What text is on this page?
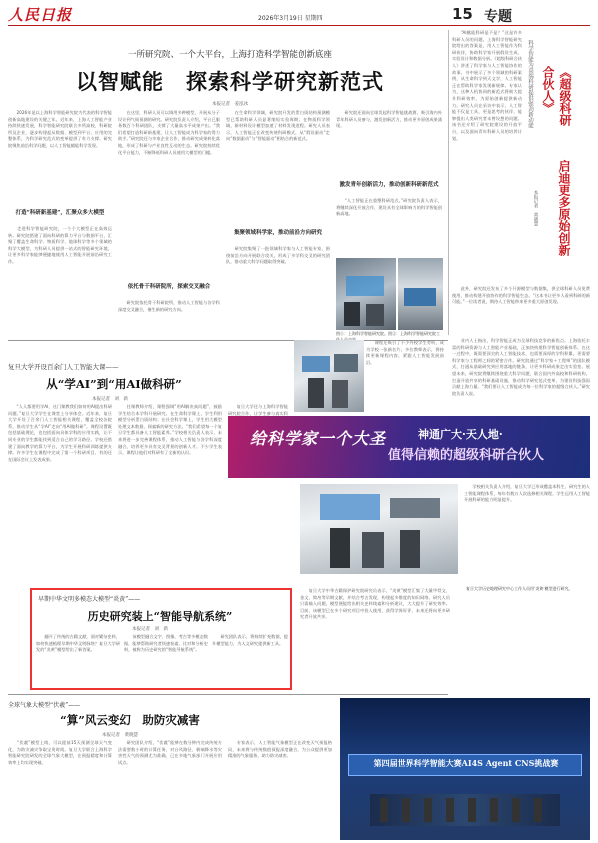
人民日报	2026年3月19日 星期四	15 专题
一所研究院、一个大平台，上海打造科学智能创新底座
以智赋能　探索科学研究新范式
本报记者　姜泓冰
　　2026年是以上海科学智能研究院为代表的科学智能创新高地建设的关键之年。近年来，上海人工智能产业持续快速发展，科学智能研究院联合多所高校、科研院所及企业，逐步构建起从数据、模型到平台、应用的完整体系，为科学研究范式的变革提供了有力支撑。研究院聚焦前沿科学问题，以人工智能赋能科学发现。
打造“科研新基建”，汇聚众多大模型
　　走进科学智能研究院，一个个大模型正在高效运转。研究院搭建了面向科研的算力平台与数据平台，汇聚了覆盖生命科学、物质科学、地球科学等多个领域的科学大模型，为科研人员提供一站式的智能研究环境，让更多科学家能够便捷地使用人工智能开展前沿研究工作。
　　在这里，科研人员可以调用多种模型，开展从分子设计到气候预测的研究。研究院负责人介绍，平台已服务数百个科研团队，支撑了大量高水平成果产出。“我们希望打造科研新基建，让人工智能成为科学家的得力助手。”研究院还与多家企业合作，推动研究成果转化落地，形成了科研与产业良性互动的生态。研究院持续优化平台能力，不断降低科研人员使用大模型的门槛。
依托骨干科研院所，探索交叉融合
　　研究院依托骨干科研院所，推动人工智能与各学科深度交叉融合，催生新的研究方向。
　　在生命科学领域，研究院开发的蛋白质结构预测模型已帮助科研人员显著缩短实验周期；在物质科学领域，新材料设计模型加速了材料发现进程。研究人员表示，人工智能正在改变传统科研模式，从“假设驱动”走向“数据驱动”与“智能驱动”相结合的新范式。
集聚领域科学家，推动前沿方向研究
　　研究院集聚了一批领域科学家与人工智能专家，围绕前沿方向开展联合攻关，形成了多学科交叉的研究团队，推动重大科学问题取得突破。
　　研究院还面向全球发起科学智能挑战赛，吸引海内外青年科研人员参与，激发创新活力，推动更多原创成果涌现。
激发青年创新活力，推动创新科研新范式
　　“人工智能正在重塑科研范式。”研究院负责人表示，将继续深化开放合作，建设具有全球影响力的科学智能创新高地。
图①：上海科学智能研究院。图②：上海科学智能研究院工
　　“AI赋能科研是不是？”这是许多科研人员的问题。上海科学智能研究院给出的答案是，用人工智能作为科研伙伴，协助科学家开展假设生成、实验设计和数据分析。《超级科研合伙人》讲述了科学家与人工智能协作的故事。书中展示了多个领域的科研案例，从生命科学到天文学，人工智能正在帮助科学家发现新规律。专家认为，这种人机协同的新范式将极大提升科研效率，为原始创新提供新动力。研究人员在采访中表示，人工智能不仅是工具，更是思考的伙伴，能够提出人类研究者未曾设想的问题。该书还介绍了研究院建设的开放平台，以及面向青年科研人员的培养计划。
科学智能为高端科研提供强劲新动能	《超级科研合伙人》
启迪更多原始创新
本报记者　黄晓慧
　　此外，研究院还发布了多个开源模型与数据集，供全球科研人员免费使用，推动构建开放协作的科学智能生态。“这本书让更多人看到科研的新可能。”一位读者说，期待人工智能带来更多重大原创发现。
　　业内人士指出，科学智能正成为全球科技竞争的新焦点。上海依托丰富的科研资源与人工智能产业基础，正加快构建科学智能创新体系。在这一过程中，既需要顶尖的人工智能技术，也需要深厚的学科积累，更需要科学家与工程师之间的紧密合作。研究院通过“科学家＋工程师”的团队模式，打通从基础研究到应用落地的链条，让更多科研成果走出实验室。展望未来，研究院将继续围绕重大科学问题，联合国内外高校和科研机构，打造开放共享的科研基础设施，推动科学研究范式变革，为建设科技强国贡献上海力量。“我们要让人工智能成为每一位科学家的超级合伙人。”研究院负责人说。
复旦大学开设百余门人工智能大课——
从“学AI”到“用AI做科研”
本报记者　刘　新
　　“人人都要用学AI，这门课教我们如何用AI提出科研问题。”复旦大学学生在课堂上分享体会。近年来，复旦大学开设了百余门人工智能相关课程，覆盖全校各院系，推动学生从“学AI”走向“用AI做科研”。课程设置既包括基础理论，也包括面向具体学科的应用实践，让不同专业的学生都能找到适合自己的学习路径。学校还搭建了面向教学的算力平台，为学生开展科研训练提供支撑。许多学生在课程中完成了第一个科研项目，有的还在国际会议上发表成果。
　　任课教师介绍，课程强调“用AI解决真问题”，鼓励学生结合本学科开展研究。在生命科学课上，学生利用模型分析蛋白质结构；在社会科学课上，学生用大模型处理文本数据，探索新的研究方法。“我们希望每一个复旦学生都具备人工智能素养。”学校相关负责人表示，未来将进一步完善课程体系，推动人工智能与各学科深度融合，培养更多具有交叉背景的创新人才。不少学生表示，课程让他们对科研有了全新的认识。
　　复旦大学还与上海科学智能研究院合作，让学生参与真实科
　　课程还吸引了不少外校学生旁听，成为学校一张新名片。多位教师表示，将持续更新课程内容，紧跟人工智能发展前沿。
给科学家一个大圣	神通广大·天人地·
值得信赖的超级科研合伙人
复旦大学历史地理研究中心工作人员用‘炎黄’模型进行研究。
　　学校相关负责人介绍，复旦大学已形成覆盖本科生、研究生的人工智能课程体系，每年有数万人次选修相关课程，学生运用人工智能开展科研的能力明显提升。
早期中华文明多模态大模型“炎黄”——
历史研究装上“智能导航系统”
本报记者　刘　新
　　翻开了传统的古籍文献，面对繁杂史料，如何快速梳理早期中华文明脉络？复旦大学研发的“炎黄”模型给出了新答案。
　　该模型融合文字、图像、考古等多模态数据，能够帮助研究者快速检索、比对和分析史料，被称为历史研究的“智能导航系统”。
　　研究团队表示，将持续扩充数据，提升模型能力，为人文研究提供新工具。
　　复旦大学中华古籍保护研究院研究员表示，“炎黄”模型汇集了大量甲骨文、金文、简帛等早期文献，并结合考古发现，构建起多维度的知识网络。研究人员只需输入问题，模型便能给出相关史料线索和分析建议，大大提升了研究效率。目前，该模型已在多个研究项目中投入使用，获得学界好评，未来还将向更多研究者开放共享。
全球气象大模型“伏羲”——
“算”风云变幻　助防灾减害
本报记者　黄晓慧
　　“伏羲”模型上线，可以提前15天预测全球天气变化，为防灾减灾争取宝贵时间。复旦大学联合上海科学智能研究院研发的全球气象大模型，在预报精度和计算效率上均实现突破。
　　研究团队介绍，“伏羲”能够在数分钟内完成传统方法需要数小时的计算任务，对台风路径、极端降水等灾害性天气的预测尤为准确，已在多地气象部门开展应用试点。
　　专家表示，人工智能气象模型正在改变天气预报格局，未来将与传统数值预报深度融合，为公众提供更加精准的气象服务，助力防灾减害。
第四届世界科学智能大赛AI4S Agent CNS挑战赛
